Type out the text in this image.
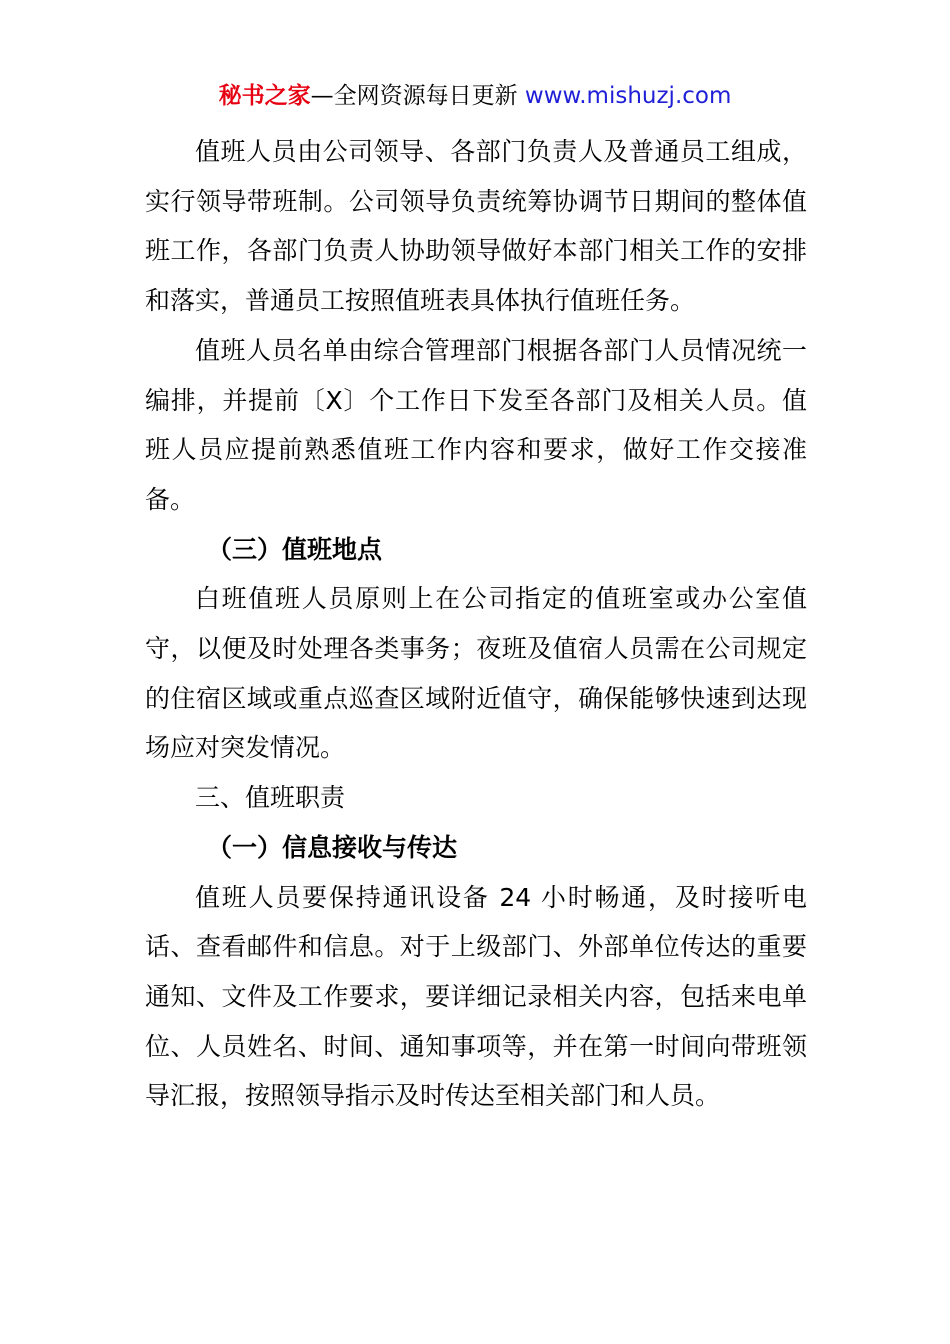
秘书之家—全网资源每日更新 www.mishuzj.com

值班人员由公司领导、各部门负责人及普通员工组成，实行领导带班制。公司领导负责统筹协调节日期间的整体值班工作，各部门负责人协助领导做好本部门相关工作的安排和落实，普通员工按照值班表具体执行值班任务。

值班人员名单由综合管理部门根据各部门人员情况统一编排，并提前〔X〕个工作日下发至各部门及相关人员。值班人员应提前熟悉值班工作内容和要求，做好工作交接准备。

（三）值班地点

白班值班人员原则上在公司指定的值班室或办公室值守，以便及时处理各类事务；夜班及值宿人员需在公司规定的住宿区域或重点巡查区域附近值守，确保能够快速到达现场应对突发情况。

三、值班职责

（一）信息接收与传达

值班人员要保持通讯设备 24 小时畅通，及时接听电话、查看邮件和信息。对于上级部门、外部单位传达的重要通知、文件及工作要求，要详细记录相关内容，包括来电单位、人员姓名、时间、通知事项等，并在第一时间向带班领导汇报，按照领导指示及时传达至相关部门和人员。
